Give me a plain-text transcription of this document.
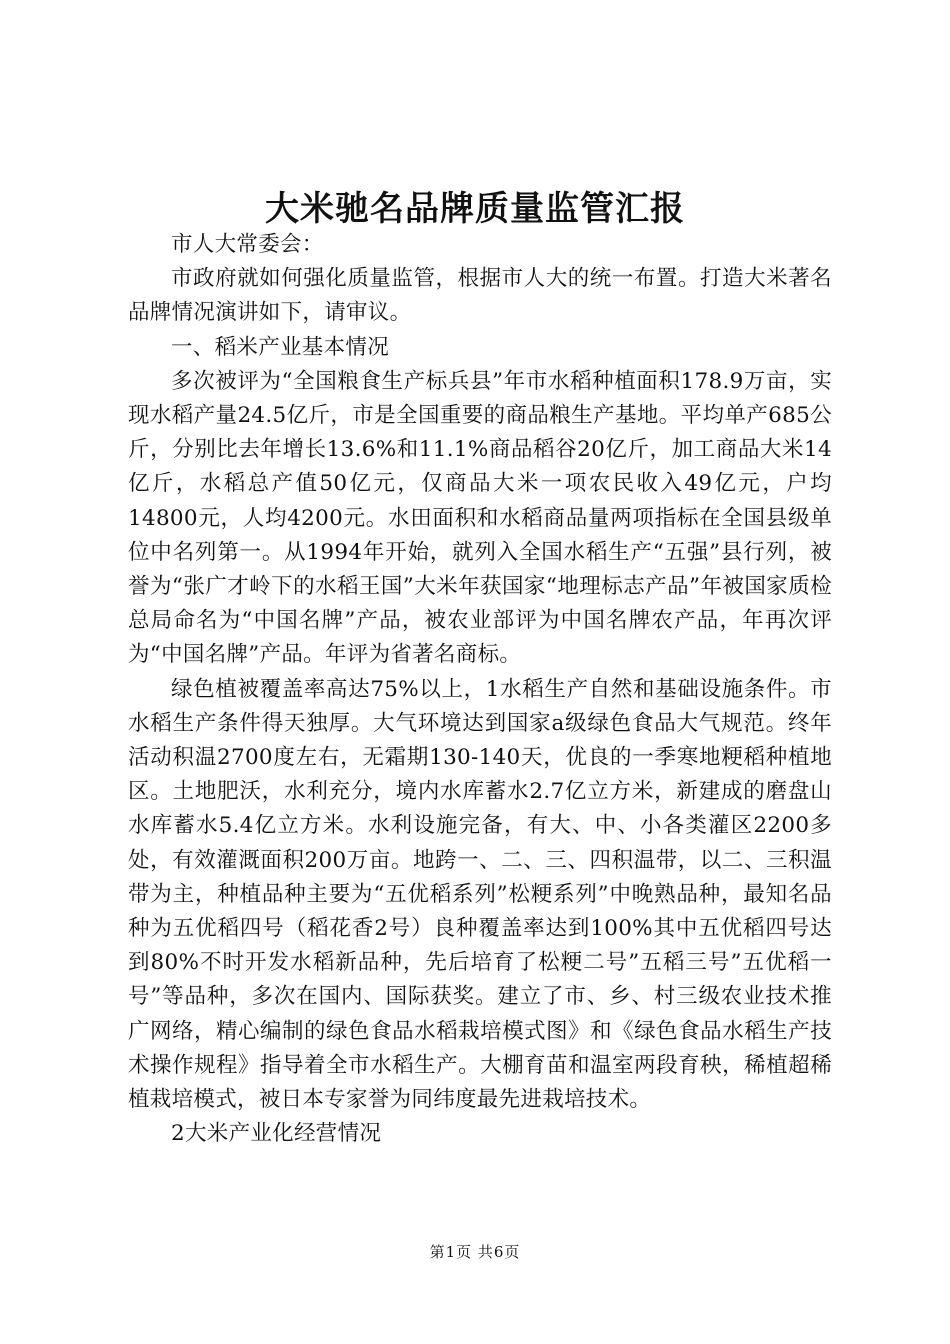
大米驰名品牌质量监管汇报

市人大常委会：

市政府就如何强化质量监管，根据市人大的统一布置。打造大米著名品牌情况演讲如下，请审议。

一、稻米产业基本情况

多次被评为“全国粮食生产标兵县”年市水稻种植面积178.9万亩，实现水稻产量24.5亿斤，市是全国重要的商品粮生产基地。平均单产685公斤，分别比去年增长13.6%和11.1%商品稻谷20亿斤，加工商品大米14亿斤，水稻总产值50亿元，仅商品大米一项农民收入49亿元，户均14800元，人均4200元。水田面积和水稻商品量两项指标在全国县级单位中名列第一。从1994年开始，就列入全国水稻生产“五强”县行列，被誉为“张广才岭下的水稻王国”大米年获国家“地理标志产品”年被国家质检总局命名为“中国名牌”产品，被农业部评为中国名牌农产品，年再次评为“中国名牌”产品。年评为省著名商标。

绿色植被覆盖率高达75%以上，1水稻生产自然和基础设施条件。市水稻生产条件得天独厚。大气环境达到国家a级绿色食品大气规范。终年活动积温2700度左右，无霜期130-140天，优良的一季寒地粳稻种植地区。土地肥沃，水利充分，境内水库蓄水2.7亿立方米，新建成的磨盘山水库蓄水5.4亿立方米。水利设施完备，有大、中、小各类灌区2200多处，有效灌溉面积200万亩。地跨一、二、三、四积温带，以二、三积温带为主，种植品种主要为“五优稻系列”松粳系列”中晚熟品种，最知名品种为五优稻四号（稻花香2号）良种覆盖率达到100%其中五优稻四号达到80%不时开发水稻新品种，先后培育了松粳二号”五稻三号”五优稻一号”等品种，多次在国内、国际获奖。建立了市、乡、村三级农业技术推广网络，精心编制的绿色食品水稻栽培模式图》和《绿色食品水稻生产技术操作规程》指导着全市水稻生产。大棚育苗和温室两段育秧，稀植超稀植栽培模式，被日本专家誉为同纬度最先进栽培技术。

2大米产业化经营情况

第1页 共6页
